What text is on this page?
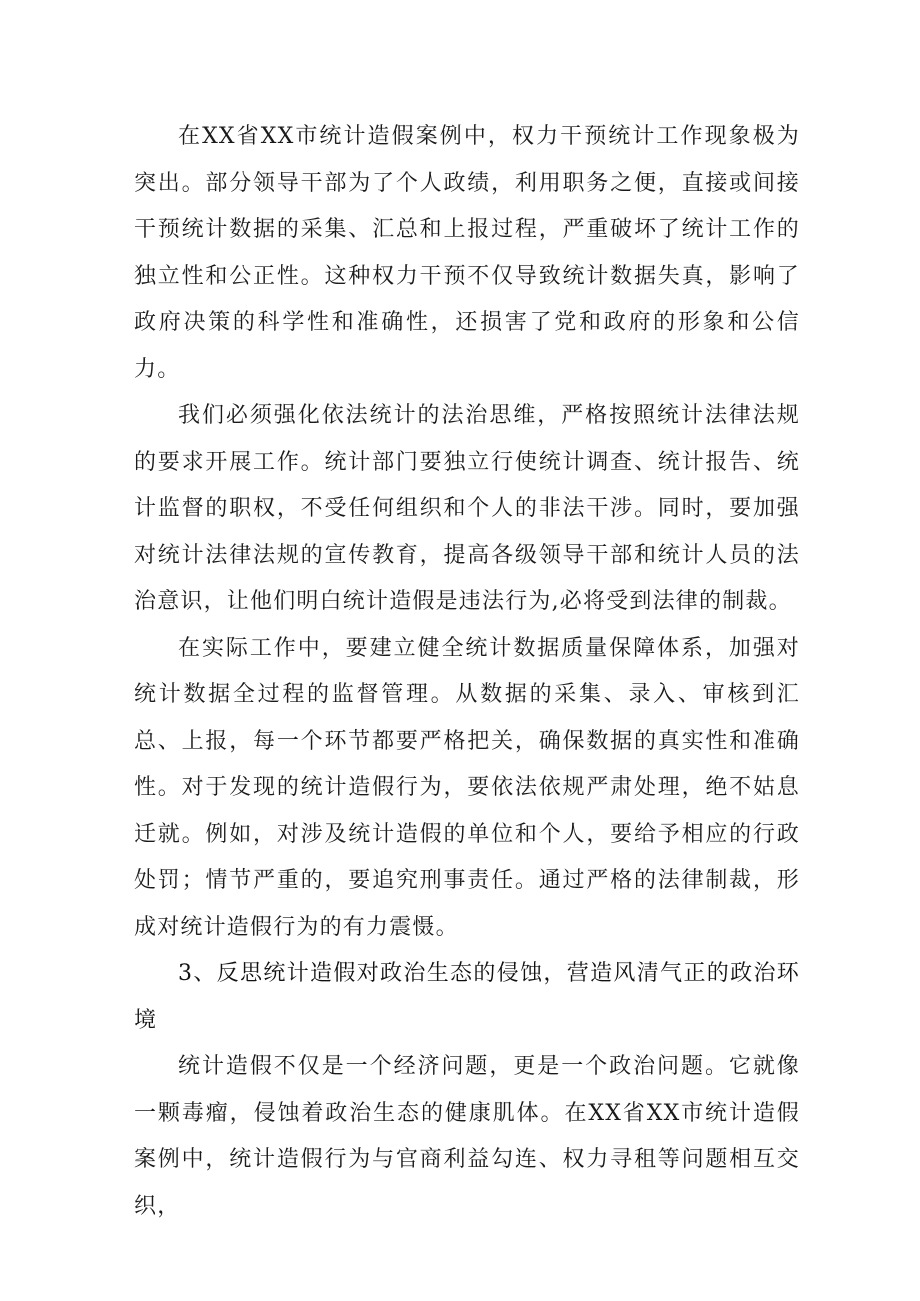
在XX省XX市统计造假案例中，权力干预统计工作现象极为突出。部分领导干部为了个人政绩，利用职务之便，直接或间接干预统计数据的采集、汇总和上报过程，严重破坏了统计工作的独立性和公正性。这种权力干预不仅导致统计数据失真，影响了政府决策的科学性和准确性，还损害了党和政府的形象和公信力。

我们必须强化依法统计的法治思维，严格按照统计法律法规的要求开展工作。统计部门要独立行使统计调查、统计报告、统计监督的职权，不受任何组织和个人的非法干涉。同时，要加强对统计法律法规的宣传教育，提高各级领导干部和统计人员的法治意识，让他们明白统计造假是违法行为,必将受到法律的制裁。

在实际工作中，要建立健全统计数据质量保障体系，加强对统计数据全过程的监督管理。从数据的采集、录入、审核到汇总、上报，每一个环节都要严格把关，确保数据的真实性和准确性。对于发现的统计造假行为，要依法依规严肃处理，绝不姑息迁就。例如，对涉及统计造假的单位和个人，要给予相应的行政处罚；情节严重的，要追究刑事责任。通过严格的法律制裁，形成对统计造假行为的有力震慑。

3、反思统计造假对政治生态的侵蚀，营造风清气正的政治环境

统计造假不仅是一个经济问题，更是一个政治问题。它就像一颗毒瘤，侵蚀着政治生态的健康肌体。在XX省XX市统计造假案例中，统计造假行为与官商利益勾连、权力寻租等问题相互交织，
